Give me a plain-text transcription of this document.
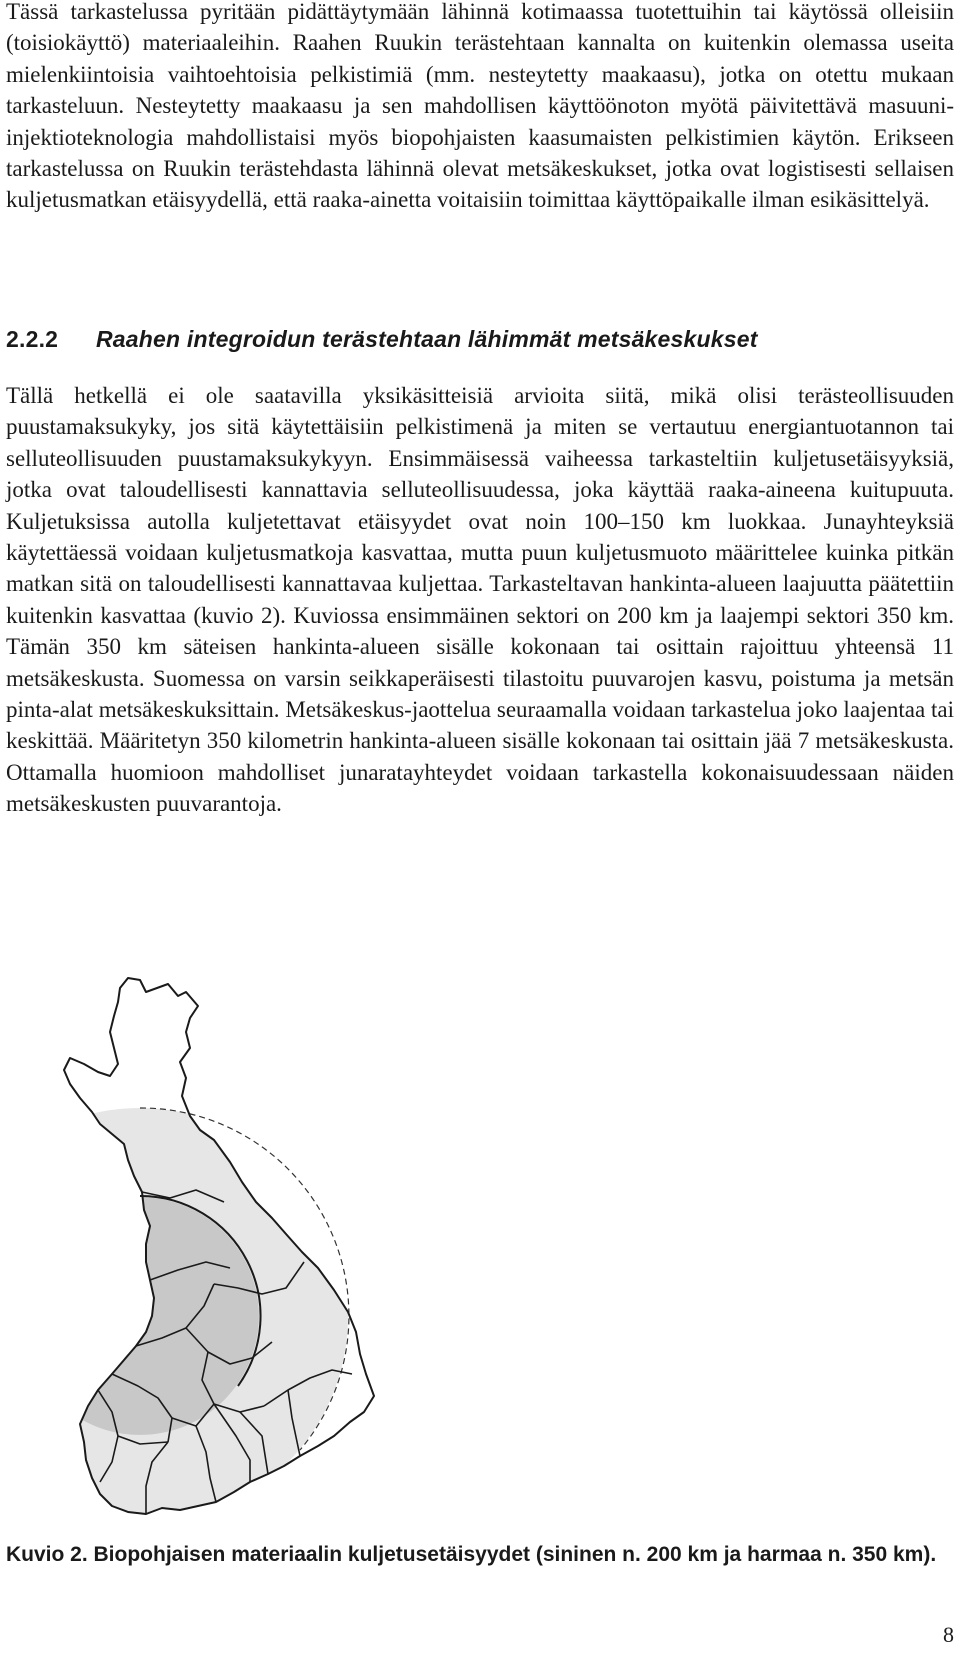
Tässä tarkastelussa pyritään pidättäytymään lähinnä kotimaassa tuotettuihin tai käytössä olleisiin (toisiokäyttö) materiaaleihin. Raahen Ruukin terästehtaan kannalta on kuitenkin olemassa useita mielenkiintoisia vaihtoehtoisia pelkistimiä (mm. nesteytetty maakaasu), jotka on otettu mukaan tarkasteluun. Nesteytetty maakaasu ja sen mahdollisen käyttöönoton myötä päivitettävä masuuni-injektioteknologia mahdollistaisi myös biopohjaisten kaasumaisten pelkistimien käytön. Erikseen tarkastelussa on Ruukin terästehdasta lähinnä olevat metsäkeskukset, jotka ovat logistisesti sellaisen kuljetusmatkan etäisyydellä, että raaka-ainetta voitaisiin toimittaa käyttöpaikalle ilman esikäsittelyä.

2.2.2 Raahen integroidun terästehtaan lähimmät metsäkeskukset

Tällä hetkellä ei ole saatavilla yksikäsitteisiä arvioita siitä, mikä olisi terästeollisuuden puustamaksukyky, jos sitä käytettäisiin pelkistimenä ja miten se vertautuu energiantuotannon tai selluteollisuuden puustamaksukykyyn. Ensimmäisessä vaiheessa tarkasteltiin kuljetusetäisyyksiä, jotka ovat taloudellisesti kannattavia selluteollisuudessa, joka käyttää raaka-aineena kuitupuuta. Kuljetuksissa autolla kuljetettavat etäisyydet ovat noin 100–150 km luokkaa. Junayhteyksiä käytettäessä voidaan kuljetusmatkoja kasvattaa, mutta puun kuljetusmuoto määrittelee kuinka pitkän matkan sitä on taloudellisesti kannattavaa kuljettaa. Tarkasteltavan hankinta-alueen laajuutta päätettiin kuitenkin kasvattaa (kuvio 2). Kuviossa ensimmäinen sektori on 200 km ja laajempi sektori 350 km. Tämän 350 km säteisen hankinta-alueen sisälle kokonaan tai osittain rajoittuu yhteensä 11 metsäkeskusta. Suomessa on varsin seikkaperäisesti tilastoitu puuvarojen kasvu, poistuma ja metsän pinta-alat metsäkeskuksittain. Metsäkeskus-jaottelua seuraamalla voidaan tarkastelua joko laajentaa tai keskittää. Määritetyn 350 kilometrin hankinta-alueen sisälle kokonaan tai osittain jää 7 metsäkeskusta. Ottamalla huomioon mahdolliset junaratayhteydet voidaan tarkastella kokonaisuudessaan näiden metsäkeskusten puuvarantoja.

Kuvio 2. Biopohjaisen materiaalin kuljetusetäisyydet (sininen n. 200 km ja harmaa n. 350 km).

8
